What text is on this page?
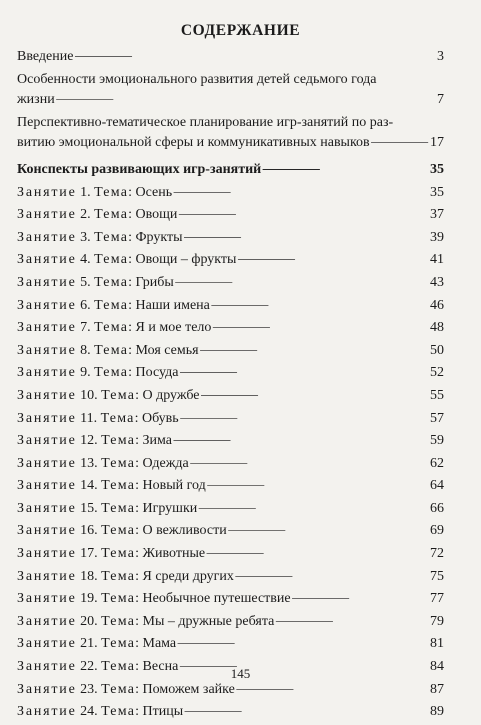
СОДЕРЖАНИЕ
Введение . . .	3
Особенности эмоционального развития детей седьмого года
жизни . . .	7
Перспективно-тематическое планирование игр-занятий по раз-
витию эмоциональной сферы и коммуникативных навыков . . .	17
Конспекты развивающих игр-занятий . . .	35
Занятие 1. Тема: Осень . . .	35
Занятие 2. Тема: Овощи . . .	37
Занятие 3. Тема: Фрукты . . .	39
Занятие 4. Тема: Овощи – фрукты . . .	41
Занятие 5. Тема: Грибы . . .	43
Занятие 6. Тема: Наши имена . . .	46
Занятие 7. Тема: Я и мое тело . . .	48
Занятие 8. Тема: Моя семья . . .	50
Занятие 9. Тема: Посуда . . .	52
Занятие 10. Тема: О дружбе . . .	55
Занятие 11. Тема: Обувь . . .	57
Занятие 12. Тема: Зима . . .	59
Занятие 13. Тема: Одежда . . .	62
Занятие 14. Тема: Новый год . . .	64
Занятие 15. Тема: Игрушки . . .	66
Занятие 16. Тема: О вежливости . . .	69
Занятие 17. Тема: Животные . . .	72
Занятие 18. Тема: Я среди других . . .	75
Занятие 19. Тема: Необычное путешествие . . .	77
Занятие 20. Тема: Мы – дружные ребята . . .	79
Занятие 21. Тема: Мама . . .	81
Занятие 22. Тема: Весна . . .	84
Занятие 23. Тема: Поможем зайке . . .	87
Занятие 24. Тема: Птицы . . .	89
145
